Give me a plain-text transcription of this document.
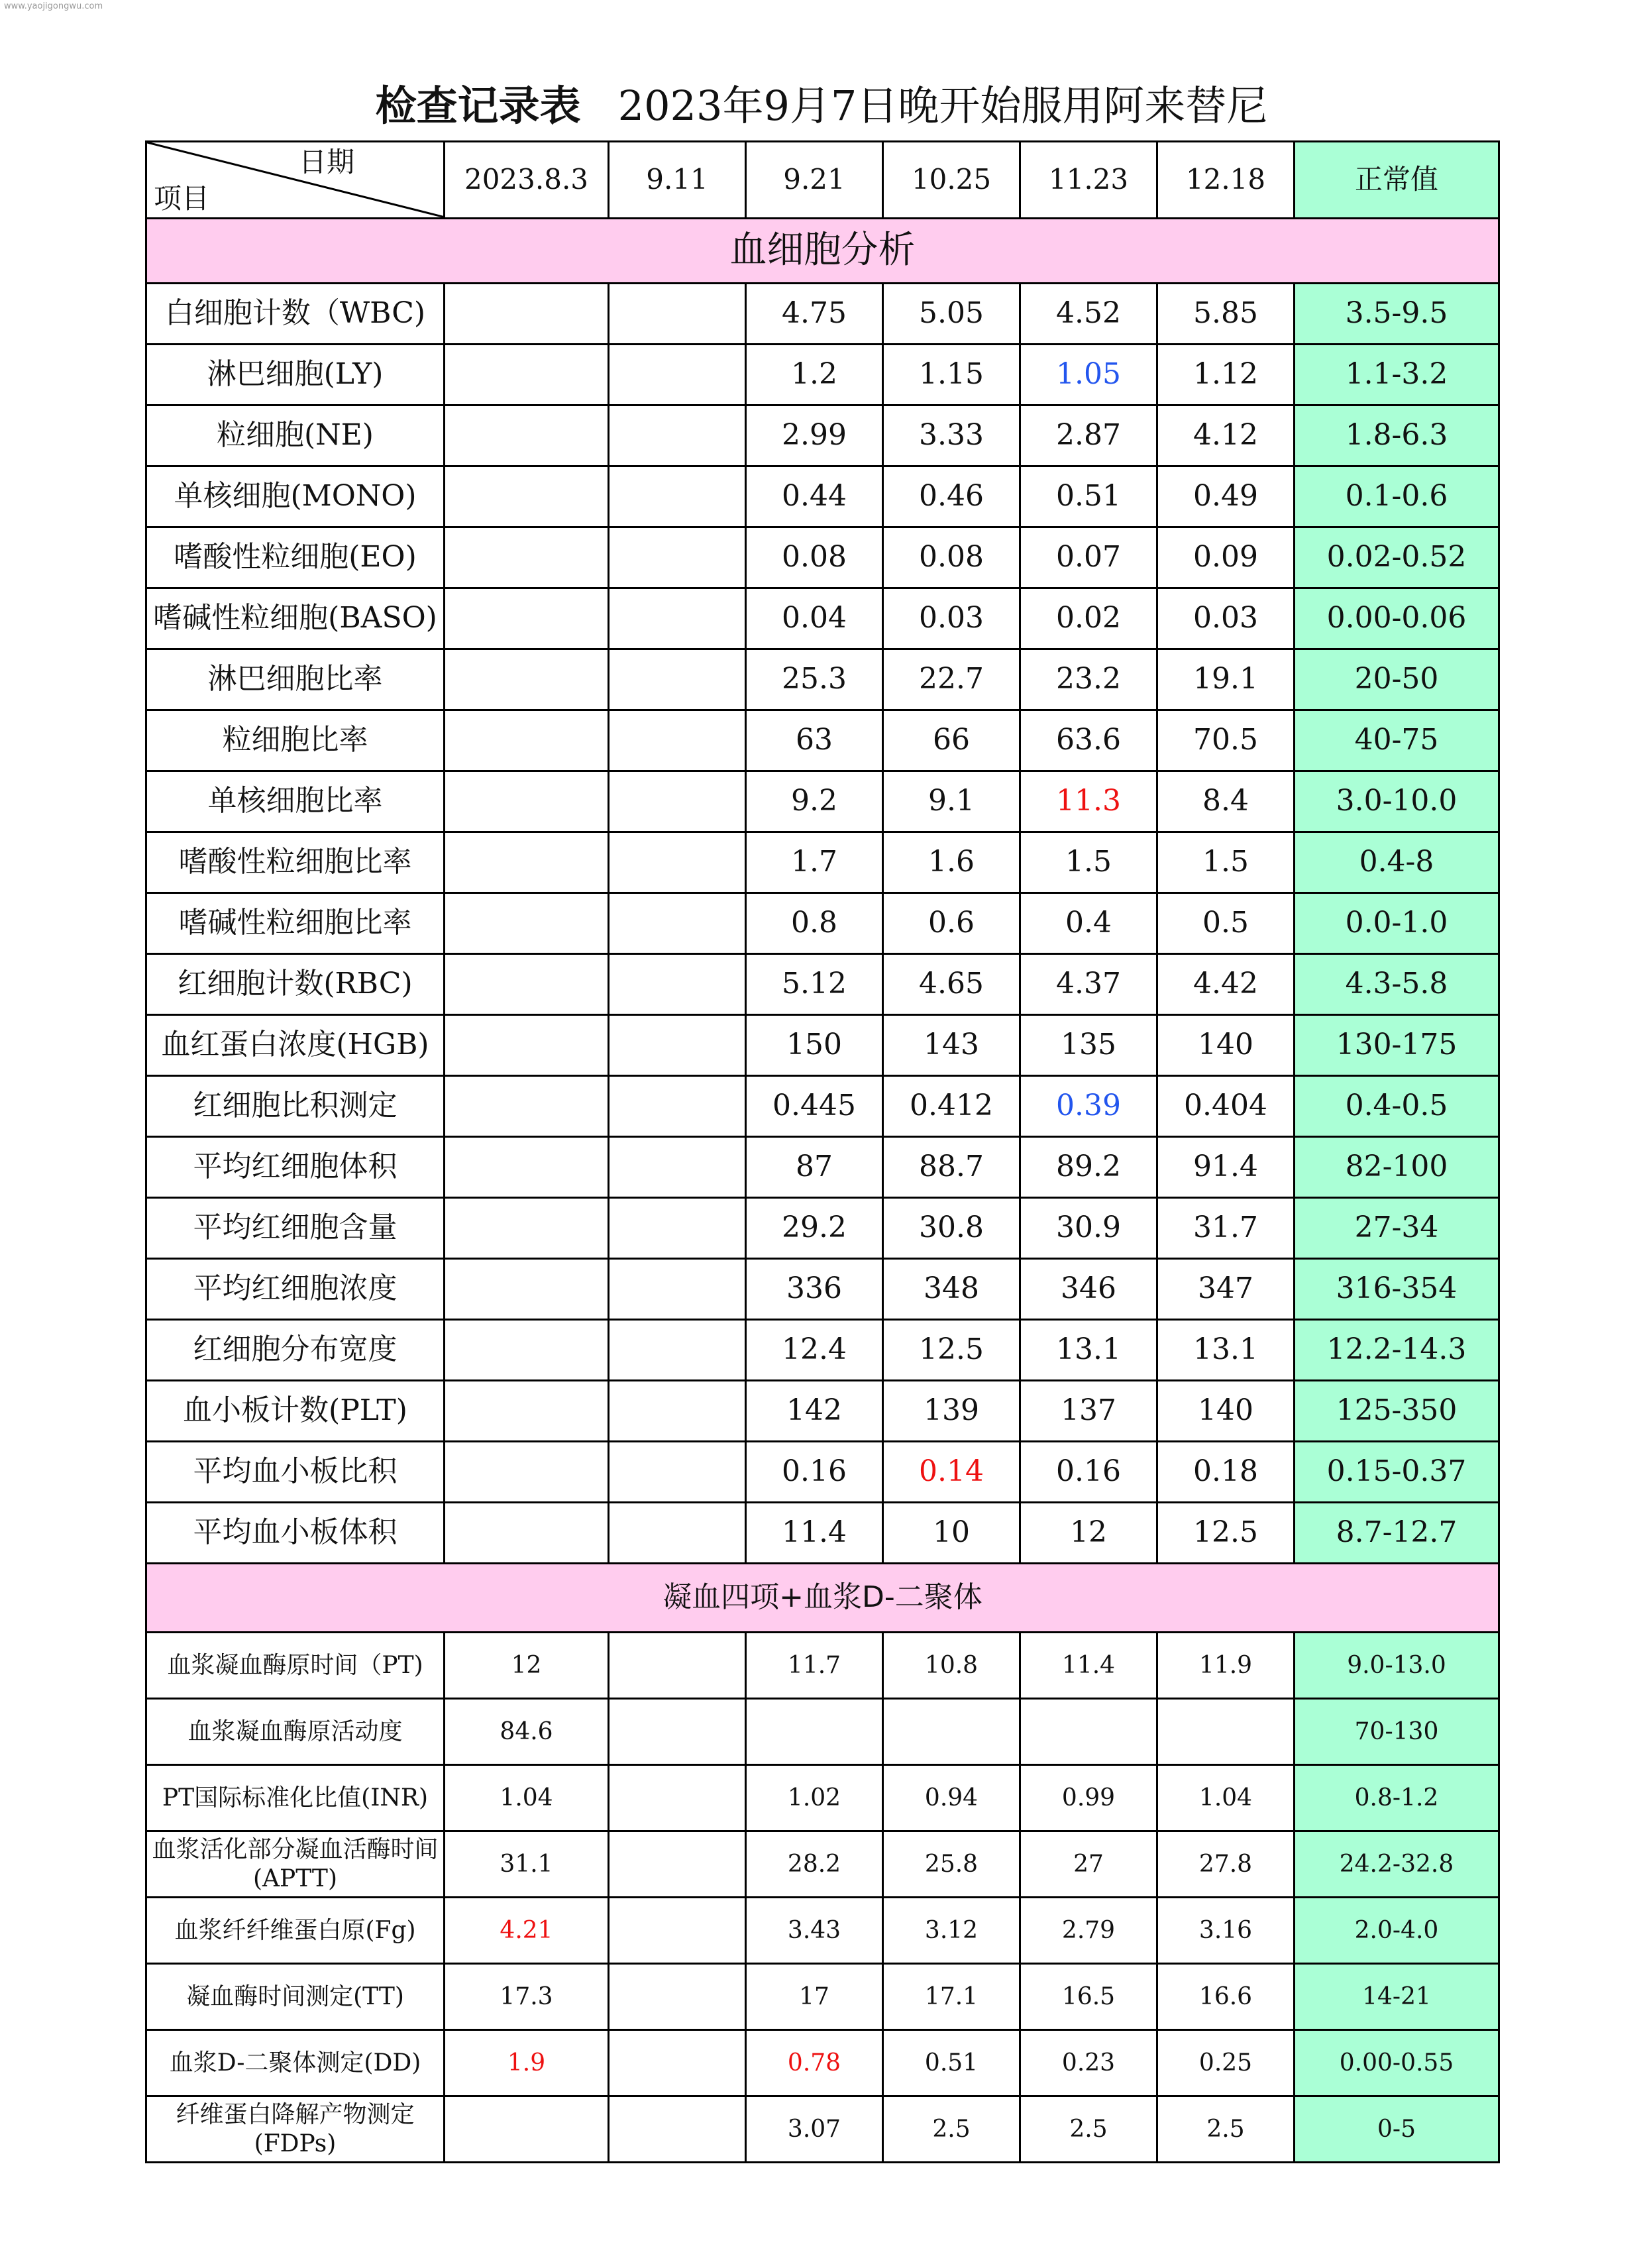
www.yaojigongwu.com
检查记录表 2023年9月7日晚开始服用阿来替尼
日期
项目	2023.8.3	9.11	9.21	10.25	11.23	12.18	正常值
血细胞分析							
白细胞计数（WBC)			4.75	5.05	4.52	5.85	3.5-9.5
淋巴细胞(LY)			1.2	1.15	1.05	1.12	1.1-3.2
粒细胞(NE)			2.99	3.33	2.87	4.12	1.8-6.3
单核细胞(MONO)			0.44	0.46	0.51	0.49	0.1-0.6
嗜酸性粒细胞(EO)			0.08	0.08	0.07	0.09	0.02-0.52
嗜碱性粒细胞(BASO)			0.04	0.03	0.02	0.03	0.00-0.06
淋巴细胞比率			25.3	22.7	23.2	19.1	20-50
粒细胞比率			63	66	63.6	70.5	40-75
单核细胞比率			9.2	9.1	11.3	8.4	3.0-10.0
嗜酸性粒细胞比率			1.7	1.6	1.5	1.5	0.4-8
嗜碱性粒细胞比率			0.8	0.6	0.4	0.5	0.0-1.0
红细胞计数(RBC)			5.12	4.65	4.37	4.42	4.3-5.8
血红蛋白浓度(HGB)			150	143	135	140	130-175
红细胞比积测定			0.445	0.412	0.39	0.404	0.4-0.5
平均红细胞体积			87	88.7	89.2	91.4	82-100
平均红细胞含量			29.2	30.8	30.9	31.7	27-34
平均红细胞浓度			336	348	346	347	316-354
红细胞分布宽度			12.4	12.5	13.1	13.1	12.2-14.3
血小板计数(PLT)			142	139	137	140	125-350
平均血小板比积			0.16	0.14	0.16	0.18	0.15-0.37
平均血小板体积			11.4	10	12	12.5	8.7-12.7
凝血四项+血浆D-二聚体							
血浆凝血酶原时间（PT)	12		11.7	10.8	11.4	11.9	9.0-13.0
血浆凝血酶原活动度	84.6						70-130
PT国际标准化比值(INR)	1.04		1.02	0.94	0.99	1.04	0.8-1.2
血浆活化部分凝血活酶时间(APTT)	31.1		28.2	25.8	27	27.8	24.2-32.8
血浆纤纤维蛋白原(Fg)	4.21		3.43	3.12	2.79	3.16	2.0-4.0
凝血酶时间测定(TT)	17.3		17	17.1	16.5	16.6	14-21
血浆D-二聚体测定(DD)	1.9		0.78	0.51	0.23	0.25	0.00-0.55
纤维蛋白降解产物测定(FDPs)			3.07	2.5	2.5	2.5	0-5
